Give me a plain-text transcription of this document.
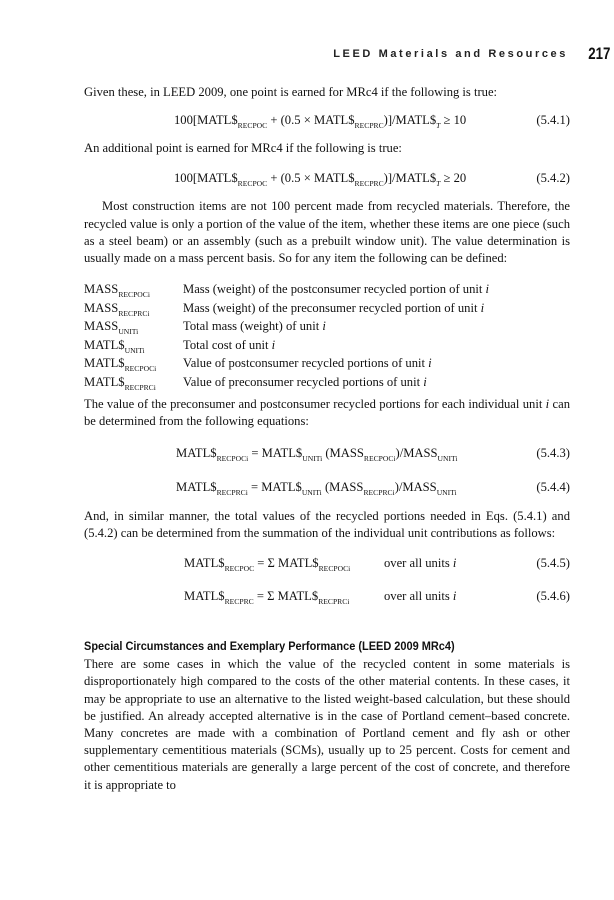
LEED Materials and Resources 217

Given these, in LEED 2009, one point is earned for MRc4 if the following is true:

$100[MATL\$_{RECPOC} + (0.5$ × $MATL\$_{RECPRC})]/MATL\$_T \ge 10$	(5.4.1)

An additional point is earned for MRc4 if the following is true:

$100[MATL\$_{RECPOC} + (0.5$ × $MATL\$_{RECPRC})]/MATL\$_T \ge 20$	(5.4.2)

Most construction items are not 100 percent made from recycled materials. Therefore, the recycled value is only a portion of the value of the item, whether these items are one piece (such as a steel beam) or an assembly (such as a prebuilt window unit). The value determination is usually made on a mass percent basis. So for any item the following can be defined:

$MASS_{RECPOCi}$	Mass (weight) of the postconsumer recycled portion of unit i
$MASS_{RECPRCi}$	Mass (weight) of the preconsumer recycled portion of unit i
$MASS_{UNITi}$	Total mass (weight) of unit i
$MATL\$_{UNITi}$	Total cost of unit i
$MATL\$_{RECPOCi}$ Value of postconsumer recycled portions of unit i
$MATL\$_{RECPRCi}$ Value of preconsumer recycled portions of unit i

The value of the preconsumer and postconsumer recycled portions for each individual unit i can be determined from the following equations:

$MATL\$_{RECPOCi}$ = $MATL\$_{UNITi}$ $(MASS_{RECPOCi})/MASS_{UNITi}$	(5.4.3)
$MATL\$_{RECPRCi}$ = $MATL\$_{UNITi}$ $(MASS_{RECPRCi})/MASS_{UNITi}$	(5.4.4)

And, in similar manner, the total values of the recycled portions needed in Eqs. (5.4.1) and (5.4.2) can be determined from the summation of the individual unit contributions as follows:

$MATL\$_{RECPOC} = \Sigma$ $MATL\$_{RECPOCi}$	over all units i	(5.4.5)
$MATL\$_{RECPRC} = \Sigma$ $MATL\$_{RECPRCi}$	over all units i	(5.4.6)
Special Circumstances and Exemplary Performance (LEED 2009 MRc4)

There are some cases in which the value of the recycled content in some materials is disproportionately high compared to the costs of the other material contents. In these cases, it may be appropriate to use an alternative to the listed weight-based calculation, but these should be justified. An already accepted alternative is in the case of Portland cement–based concrete. Many concretes are made with a combination of Portland cement and fly ash or other supplementary cementitious materials (SCMs), usually up to 25 percent. Costs for cement and other cementitious materials are generally a large percent of the cost of concrete, and therefore it is appropriate to
